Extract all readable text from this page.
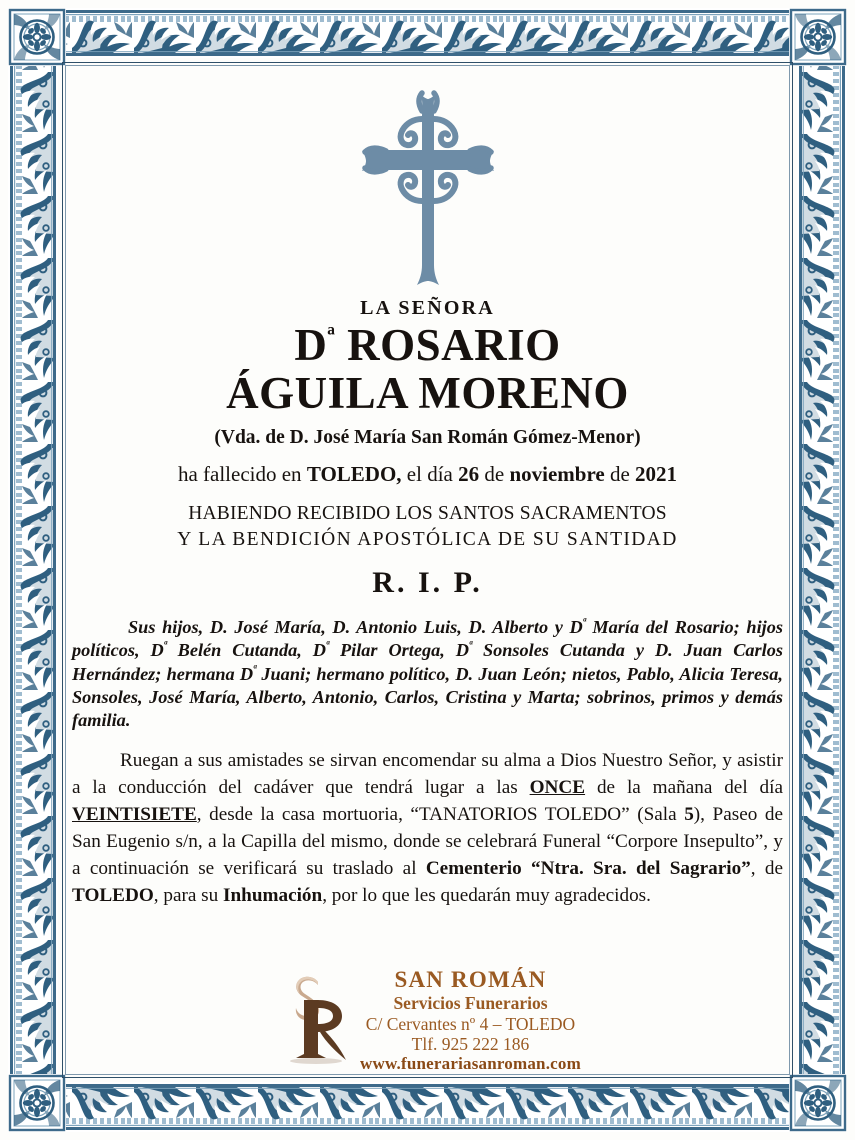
LA SEÑORA
$D^ª$ ROSARIO
ÁGUILA MORENO
(Vda. de D. José María San Román Gómez-Menor)
ha fallecido en TOLEDO, el día 26 de noviembre de 2021
HABIENDO RECIBIDO LOS SANTOS SACRAMENTOS
Y LA BENDICIÓN APOSTÓLICA DE SU SANTIDAD
R. I. P.
Sus hijos, D. José María, D. Antonio Luis, D. Alberto y $D^ª$ María del Rosario; hijos políticos, $D^ª$ Belén Cutanda, $D^ª$ Pilar Ortega, $D^ª$ Sonsoles Cutanda y D. Juan Carlos Hernández; hermana $D^ª$ Juani; hermano político, D. Juan León; nietos, Pablo, Alicia Teresa, Sonsoles, José María, Alberto, Antonio, Carlos, Cristina y Marta; sobrinos, primos y demás familia.
Ruegan a sus amistades se sirvan encomendar su alma a Dios Nuestro Señor, y asistir a la conducción del cadáver que tendrá lugar a las ONCE de la mañana del día VEINTISIETE, desde la casa mortuoria, “TANATORIOS TOLEDO” (Sala 5), Paseo de San Eugenio s/n, a la Capilla del mismo, donde se celebrará Funeral “Corpore Insepulto”, y a continuación se verificará su traslado al Cementerio “Ntra. Sra. del Sagrario”, de TOLEDO, para su Inhumación, por lo que les quedarán muy agradecidos.
SAN ROMÁN
Servicios Funerarios
C/ Cervantes nº 4 – TOLEDO
Tlf. 925 222 186
www.funerariasanroman.com
